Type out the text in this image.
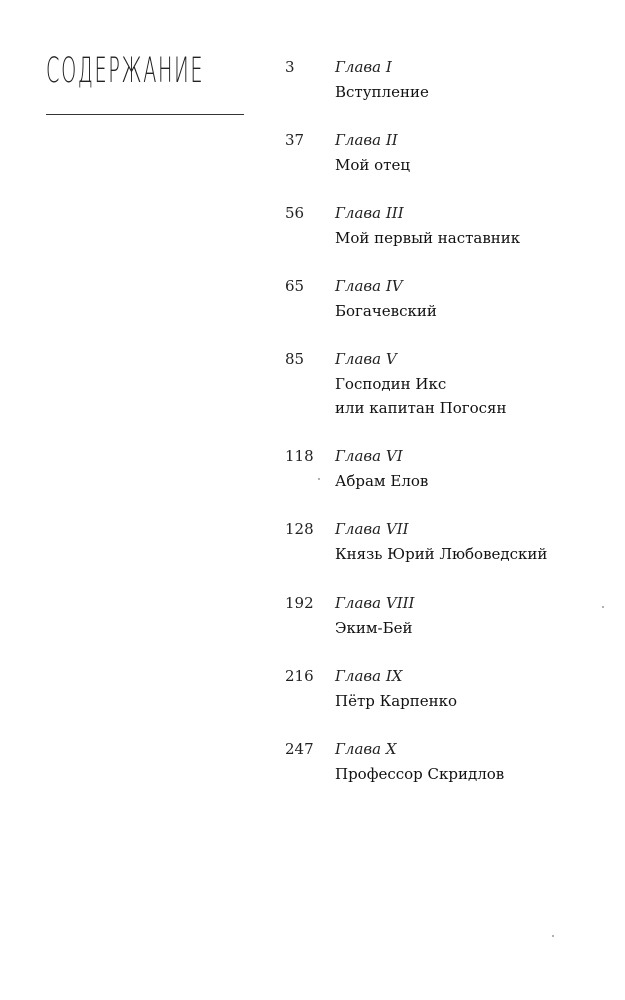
СОДЕРЖАНИЕ	3	Глава I
Вступление
37 Глава II
Мой отец
56 Глава III
Мой первый наставник
65 Глава IV
Богачевский
85 Глава V
Господин Икс
или капитан Погосян
118 Глава VI
Абрам Елов
128 Глава VII
Князь Юрий Любоведский
192 Глава VIII
Эким-Бей
216 Глава IX
Пётр Карпенко
247 Глава X
Профессор Скридлов
